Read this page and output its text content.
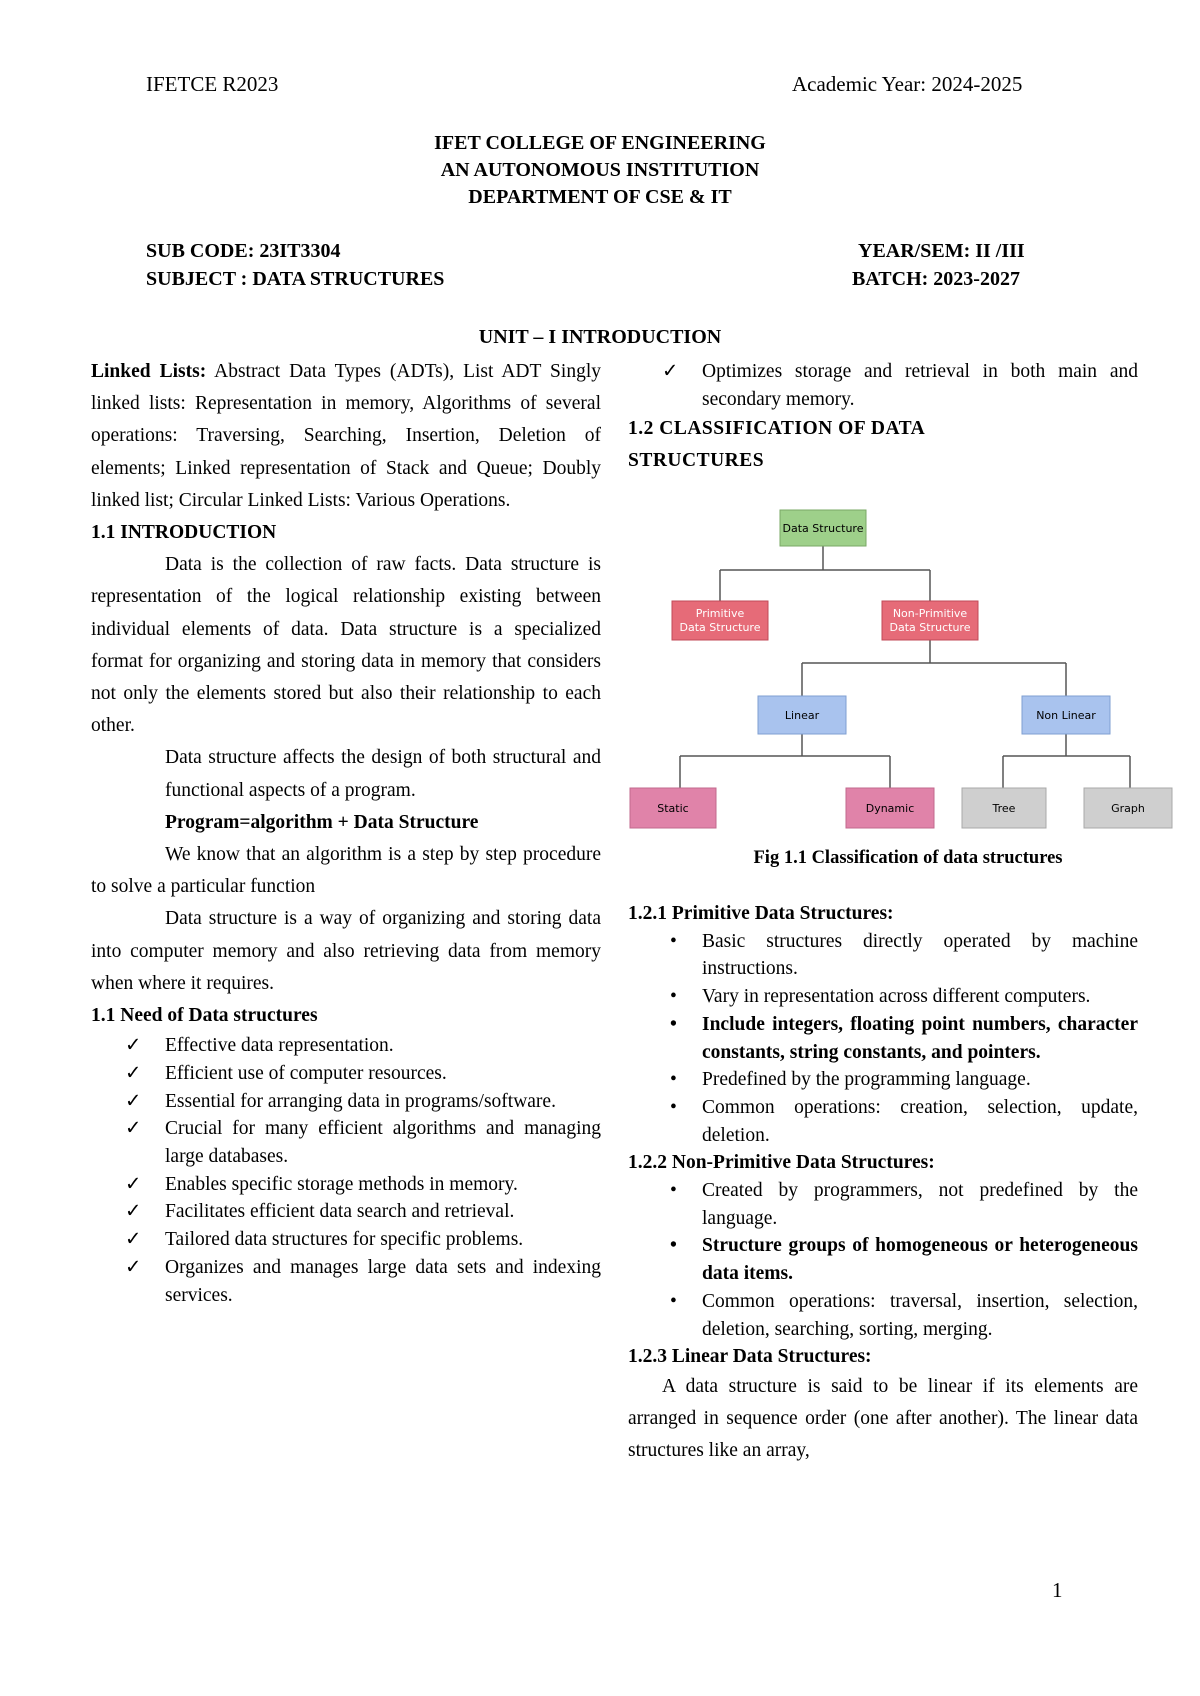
IFETCE R2023	Academic Year: 2024-2025
IFET COLLEGE OF ENGINEERING
AN AUTONOMOUS INSTITUTION
DEPARTMENT OF CSE & IT
SUB CODE: 23IT3304
SUBJECT : DATA STRUCTURES
YEAR/SEM: II /III
BATCH: 2023-2027
UNIT – I INTRODUCTION

Linked Lists: Abstract Data Types (ADTs), List ADT Singly linked lists: Representation in memory, Algorithms of several operations: Traversing, Searching, Insertion, Deletion of elements; Linked representation of Stack and Queue; Doubly linked list; Circular Linked Lists: Various Operations.

1.1 INTRODUCTION

Data is the collection of raw facts. Data structure is representation of the logical relationship existing between individual elements of data. Data structure is a specialized format for organizing and storing data in memory that considers not only the elements stored but also their relationship to each other.

Data structure affects the design of both structural and functional aspects of a program.

Program=algorithm + Data Structure

We know that an algorithm is a step by step procedure to solve a particular function

Data structure is a way of organizing and storing data into computer memory and also retrieving data from memory when where it requires.

1.1 Need of Data structures

✓ Effective data representation.
✓ Efficient use of computer resources.
✓ Essential for arranging data in programs/software.
✓ Crucial for many efficient algorithms and managing large databases.
✓ Enables specific storage methods in memory.
✓ Facilitates efficient data search and retrieval.
✓ Tailored data structures for specific problems.
✓ Organizes and manages large data sets and indexing services.
✓ Optimizes storage and retrieval in both main and secondary memory.

1.2 CLASSIFICATION OF DATA STRUCTURES

Data Structure
Primitive
Data Structure
Non-Primitive
Data Structure
Linear	Non Linear
Static	Dynamic	Tree	Graph
Fig 1.1 Classification of data structures

1.2.1 Primitive Data Structures:

• Basic structures directly operated by machine instructions.
• Vary in representation across different computers.
• Include integers, floating point numbers, character constants, string constants, and pointers.
• Predefined by the programming language.
• Common operations: creation, selection, update, deletion.

1.2.2 Non-Primitive Data Structures:

• Created by programmers, not predefined by the language.
• Structure groups of homogeneous or heterogeneous data items.
• Common operations: traversal, insertion, selection, deletion, searching, sorting, merging.

1.2.3 Linear Data Structures:

A data structure is said to be linear if its elements are arranged in sequence order (one after another). The linear data structures like an array,

1
